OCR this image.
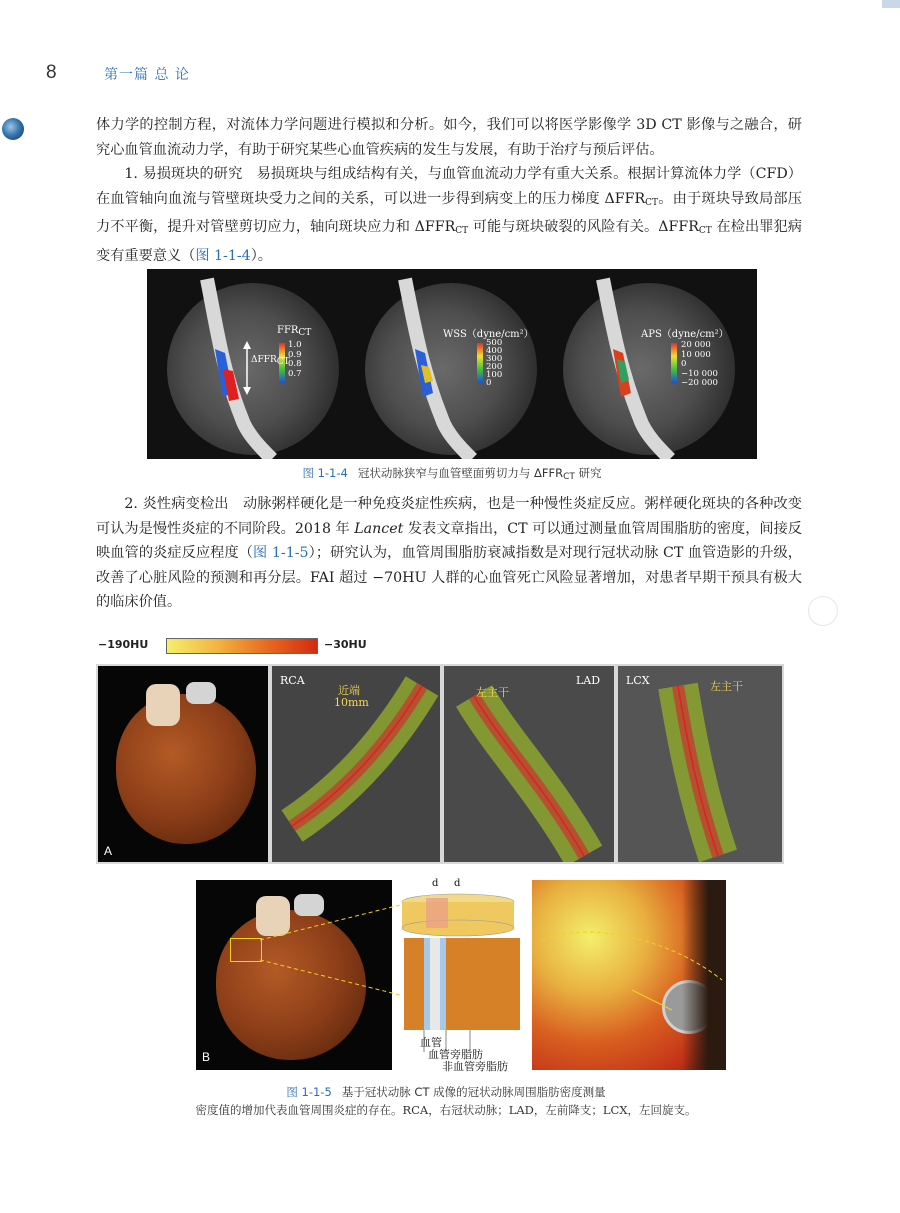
8	第一篇 总 论

体力学的控制方程，对流体力学问题进行模拟和分析。如今，我们可以将医学影像学 3D CT 影像与之融合，研究心血管血流动力学，有助于研究某些心血管疾病的发生与发展，有助于治疗与预后评估。

1. 易损斑块的研究　易损斑块与组成结构有关，与血管血流动力学有重大关系。根据计算流体力学（CFD）在血管轴向血流与管壁斑块受力之间的关系，可以进一步得到病变上的压力梯度 $\Delta FFR_{CT}$。由于斑块导致局部压力不平衡，提升对管壁剪切应力，轴向斑块应力和 $\Delta FFR_{CT}$ 可能与斑块破裂的风险有关。$\Delta FFR_{CT}$ 在检出罪犯病变有重要意义（图 1-1-4）。

$FFR_{CT}$
$\Delta FFR_{CT}$
1.0
0.9
0.8
0.7
WSS（dyne/cm²）
500
400
300
200
100
0
APS（dyne/cm²）
20 000
10 000
0
−10 000
−20 000
图 1-1-4 冠状动脉狭窄与血管壁面剪切力与 $\Delta FFR_{CT}$ 研究

2. 炎性病变检出　动脉粥样硬化是一种免疫炎症性疾病，也是一种慢性炎症反应。粥样硬化斑块的各种改变可认为是慢性炎症的不同阶段。2018 年 Lancet 发表文章指出，CT 可以通过测量血管周围脂肪的密度，间接反映血管的炎症反应程度（图 1-1-5）；研究认为，血管周围脂肪衰减指数是对现行冠状动脉 CT 血管造影的升级，改善了心脏风险的预测和再分层。FAI 超过 −70HU 人群的心血管死亡风险显著增加，对患者早期干预具有极大的临床价值。

−190HU	−30HU
A
RCA
近端
10mm
左主干
LAD LCX	左主干
B
d d
血管
血管旁脂肪
非血管旁脂肪
图 1-1-5 基于冠状动脉 CT 成像的冠状动脉周围脂肪密度测量
密度值的增加代表血管周围炎症的存在。RCA，右冠状动脉；LAD，左前降支；LCX，左回旋支。
